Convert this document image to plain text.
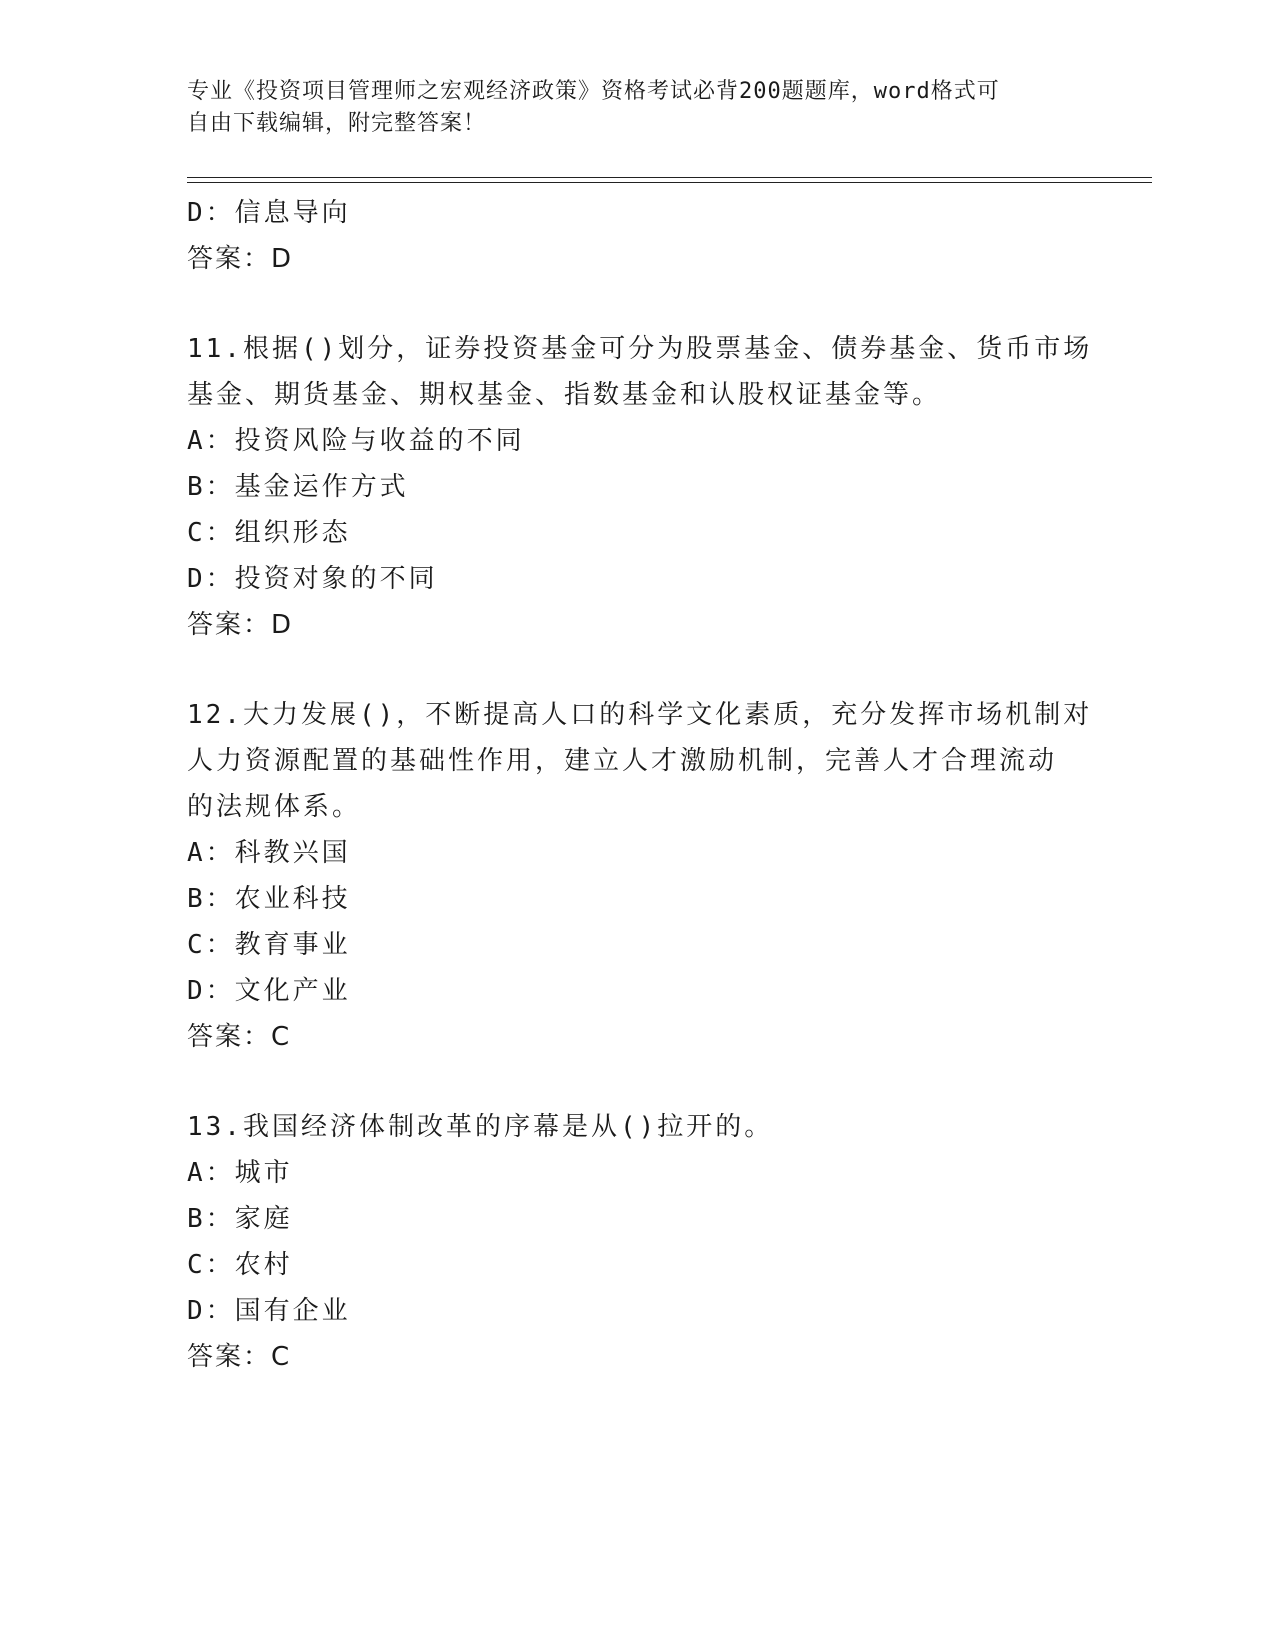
专业《投资项目管理师之宏观经济政策》资格考试必背200题题库，word格式可
自由下载编辑，附完整答案！
D：信息导向
答案：D
11.根据()划分，证券投资基金可分为股票基金、债券基金、货币市场
基金、期货基金、期权基金、指数基金和认股权证基金等。
A：投资风险与收益的不同
B：基金运作方式
C：组织形态
D：投资对象的不同
答案：D
12.大力发展()，不断提高人口的科学文化素质，充分发挥市场机制对
人力资源配置的基础性作用，建立人才激励机制，完善人才合理流动
的法规体系。
A：科教兴国
B：农业科技
C：教育事业
D：文化产业
答案：C
13.我国经济体制改革的序幕是从()拉开的。
A：城市
B：家庭
C：农村
D：国有企业
答案：C
